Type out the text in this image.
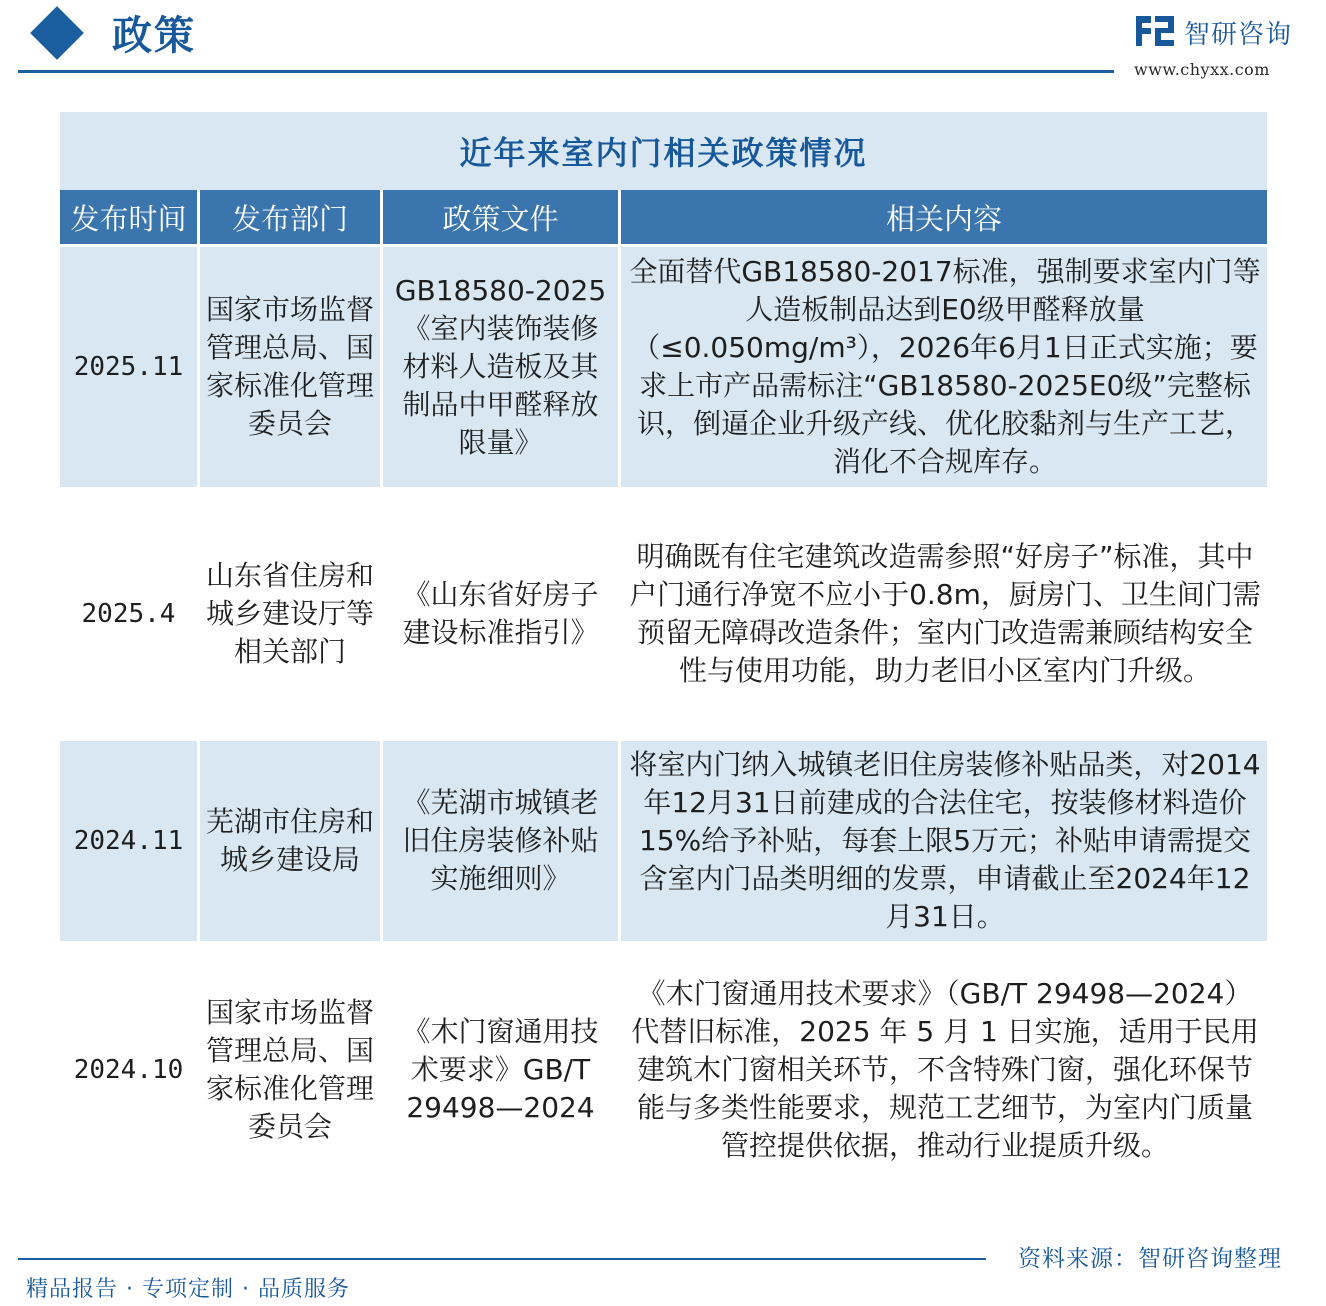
政策	智研咨询
www.chyxx.com
近年来室内门相关政策情况
发布时间	发布部门	政策文件	相关内容
2025.11	国家市场监督管理总局、国家标准化管理委员会	GB18580-2025《室内装饰装修材料人造板及其制品中甲醛释放限量》	全面替代GB18580-2017标准，强制要求室内门等人造板制品达到E0级甲醛释放量（≤0.050mg/m³），2026年6月1日正式实施；要求上市产品需标注“GB18580-2025E0级”完整标识，倒逼企业升级产线、优化胶黏剂与生产工艺，消化不合规库存。
2025.4	山东省住房和城乡建设厅等相关部门	《山东省好房子建设标准指引》	明确既有住宅建筑改造需参照“好房子”标准，其中户门通行净宽不应小于0.8m，厨房门、卫生间门需预留无障碍改造条件；室内门改造需兼顾结构安全性与使用功能，助力老旧小区室内门升级。
2024.11	芜湖市住房和城乡建设局	《芜湖市城镇老旧住房装修补贴实施细则》	将室内门纳入城镇老旧住房装修补贴品类，对2014年12月31日前建成的合法住宅，按装修材料造价15%给予补贴，每套上限5万元；补贴申请需提交含室内门品类明细的发票，申请截止至2024年12月31日。
2024.10	国家市场监督管理总局、国家标准化管理委员会	《木门窗通用技术要求》GB/T 29498—2024	《木门窗通用技术要求》（GB/T 29498—2024）代替旧标准，2025 年 5 月 1 日实施，适用于民用建筑木门窗相关环节，不含特殊门窗，强化环保节能与多类性能要求，规范工艺细节，为室内门质量管控提供依据，推动行业提质升级。
资料来源：智研咨询整理
精品报告 · 专项定制 · 品质服务
